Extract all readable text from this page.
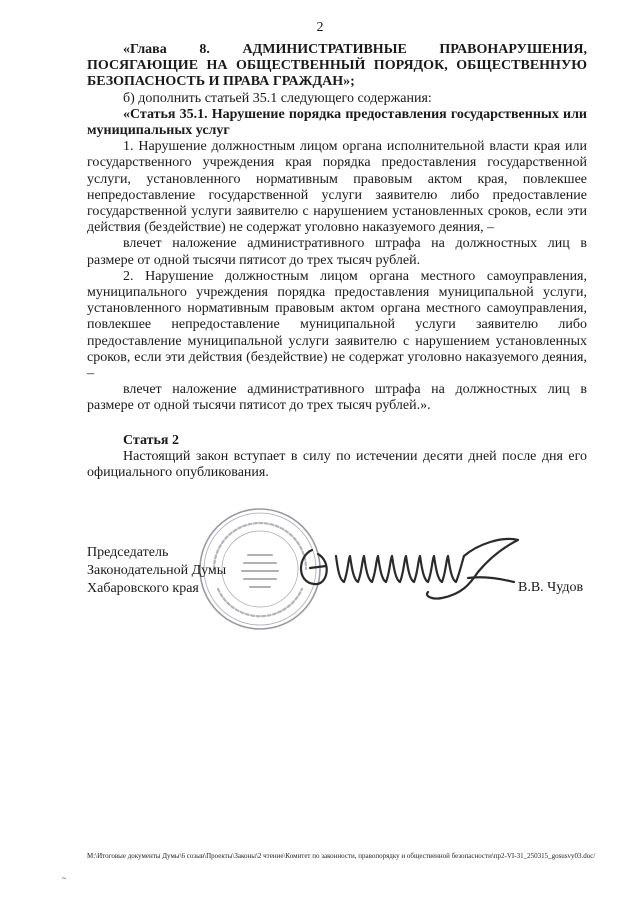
2

«Глава 8. АДМИНИСТРАТИВНЫЕ ПРАВОНАРУШЕНИЯ, ПОСЯГАЮЩИЕ НА ОБЩЕСТВЕННЫЙ ПОРЯДОК, ОБЩЕСТВЕННУЮ БЕЗОПАСНОСТЬ И ПРАВА ГРАЖДАН»;

б) дополнить статьей 35.1 следующего содержания:

«Статья 35.1. Нарушение порядка предоставления государственных или муниципальных услуг

1. Нарушение должностным лицом органа исполнительной власти края или государственного учреждения края порядка предоставления государственной услуги, установленного нормативным правовым актом края, повлекшее непредоставление государственной услуги заявителю либо предоставление государственной услуги заявителю с нарушением установленных сроков, если эти действия (бездействие) не содержат уголовно наказуемого деяния, –

влечет наложение административного штрафа на должностных лиц в размере от одной тысячи пятисот до трех тысяч рублей.

2. Нарушение должностным лицом органа местного самоуправления, муниципального учреждения порядка предоставления муниципальной услуги, установленного нормативным правовым актом органа местного самоуправления, повлекшее непредоставление муниципальной услуги заявителю либо предоставление муниципальной услуги заявителю с нарушением установленных сроков, если эти действия (бездействие) не содержат уголовно наказуемого деяния, –

влечет наложение административного штрафа на должностных лиц в размере от одной тысячи пятисот до трех тысяч рублей.».

Статья 2

Настоящий закон вступает в силу по истечении десяти дней после дня его официального опубликования.

Председатель
Законодательной Думы
Хабаровского края	В.В. Чудов
M:\Итоговые документы Думы\6 созыв\Проекты\Законы\2 чтение\Комитет по законности, правопорядку и общественной безопасности\пр2-VI-31_250315_gosusvy03.doc/
~
